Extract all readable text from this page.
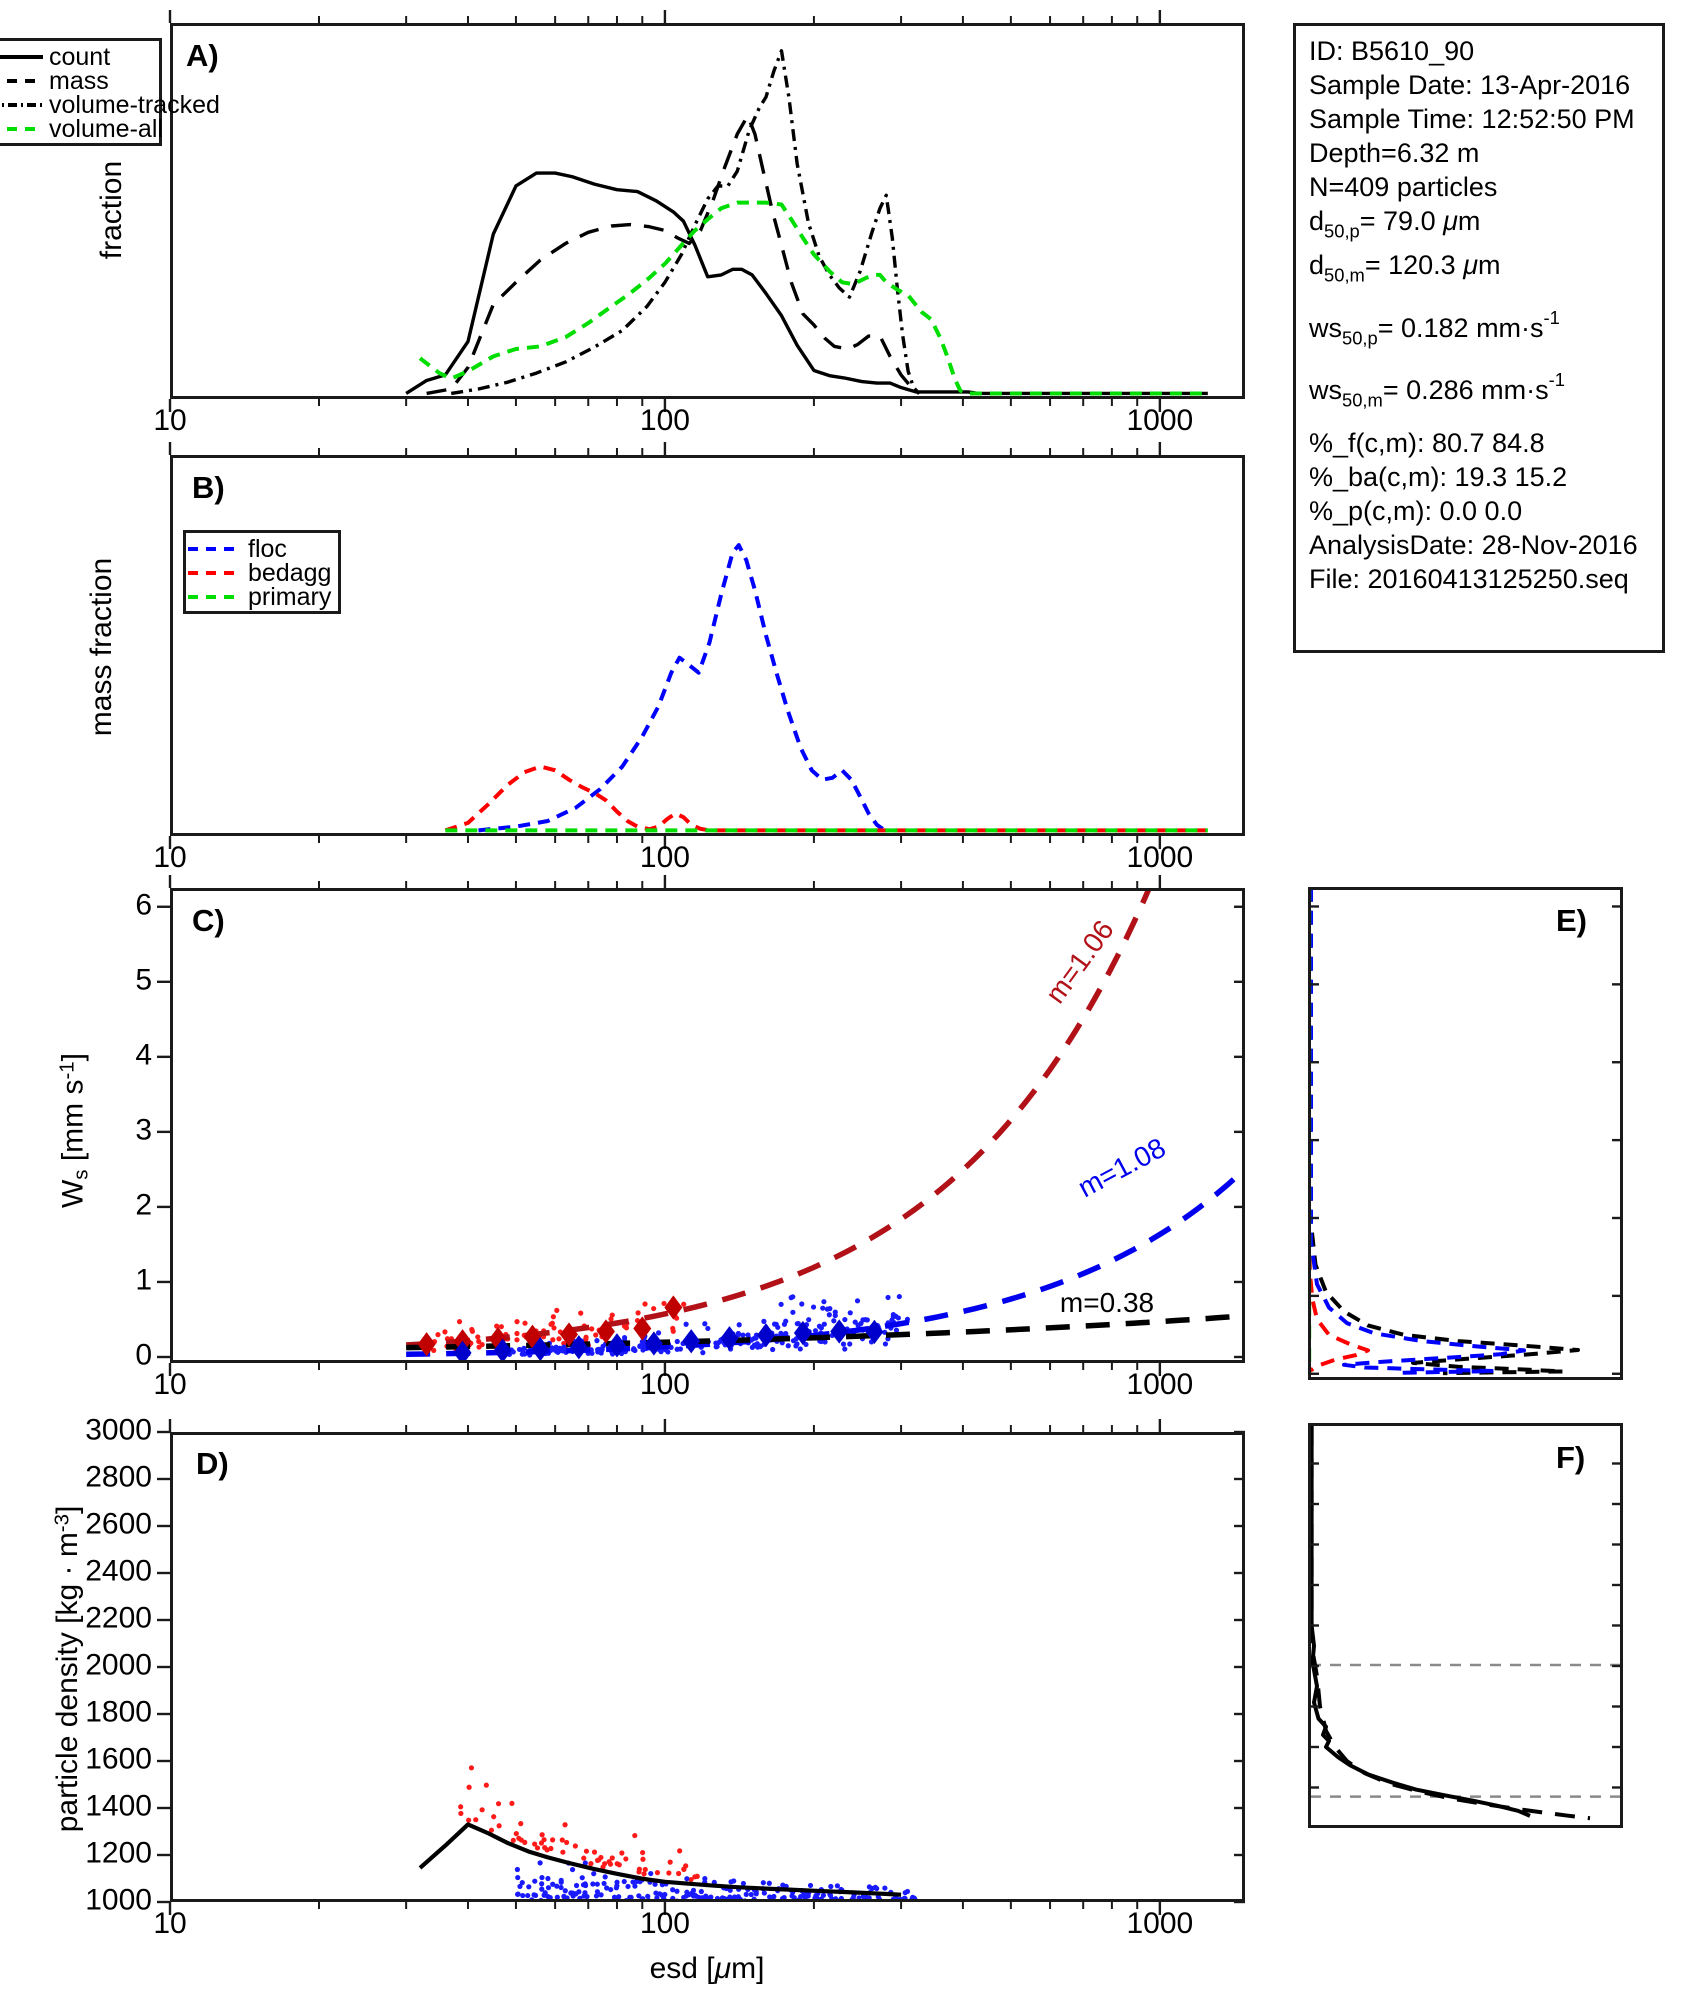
A)
B)
C)
D)
E)
F)
fraction
mass fraction
$W_s$ [mm $s^{-1}$]
particle density $[kg \cdot m^{-3}]$
esd [μm]
10	100	1000
10	100	1000
10	100	1000
10	100	1000
0
1
2
3
4
5
6
1000
1200
1400
1600
1800
2000
2200
2400
2600
2800
3000
m=1.06
m=1.08
m=0.38
count
mass
volume-tracked
volume-all
floc
bedagg
primary
ID: B5610_90
Sample Date: 13-Apr-2016
Sample Time: 12:52:50 PM
Depth=6.32 m
N=409 particles
$d_{50,p}= 79.0$ μm
$d_{50,m}= 120.3$ μm
$ws_{50,p}= 0.182$ $mm\cdot s^{-1}$
$ws_{50,m}= 0.286$ $mm\cdot s^{-1}$
%_f(c,m): 80.7 84.8
%_ba(c,m): 19.3 15.2
%_p(c,m): 0.0 0.0
AnalysisDate: 28-Nov-2016
File: 20160413125250.seq
